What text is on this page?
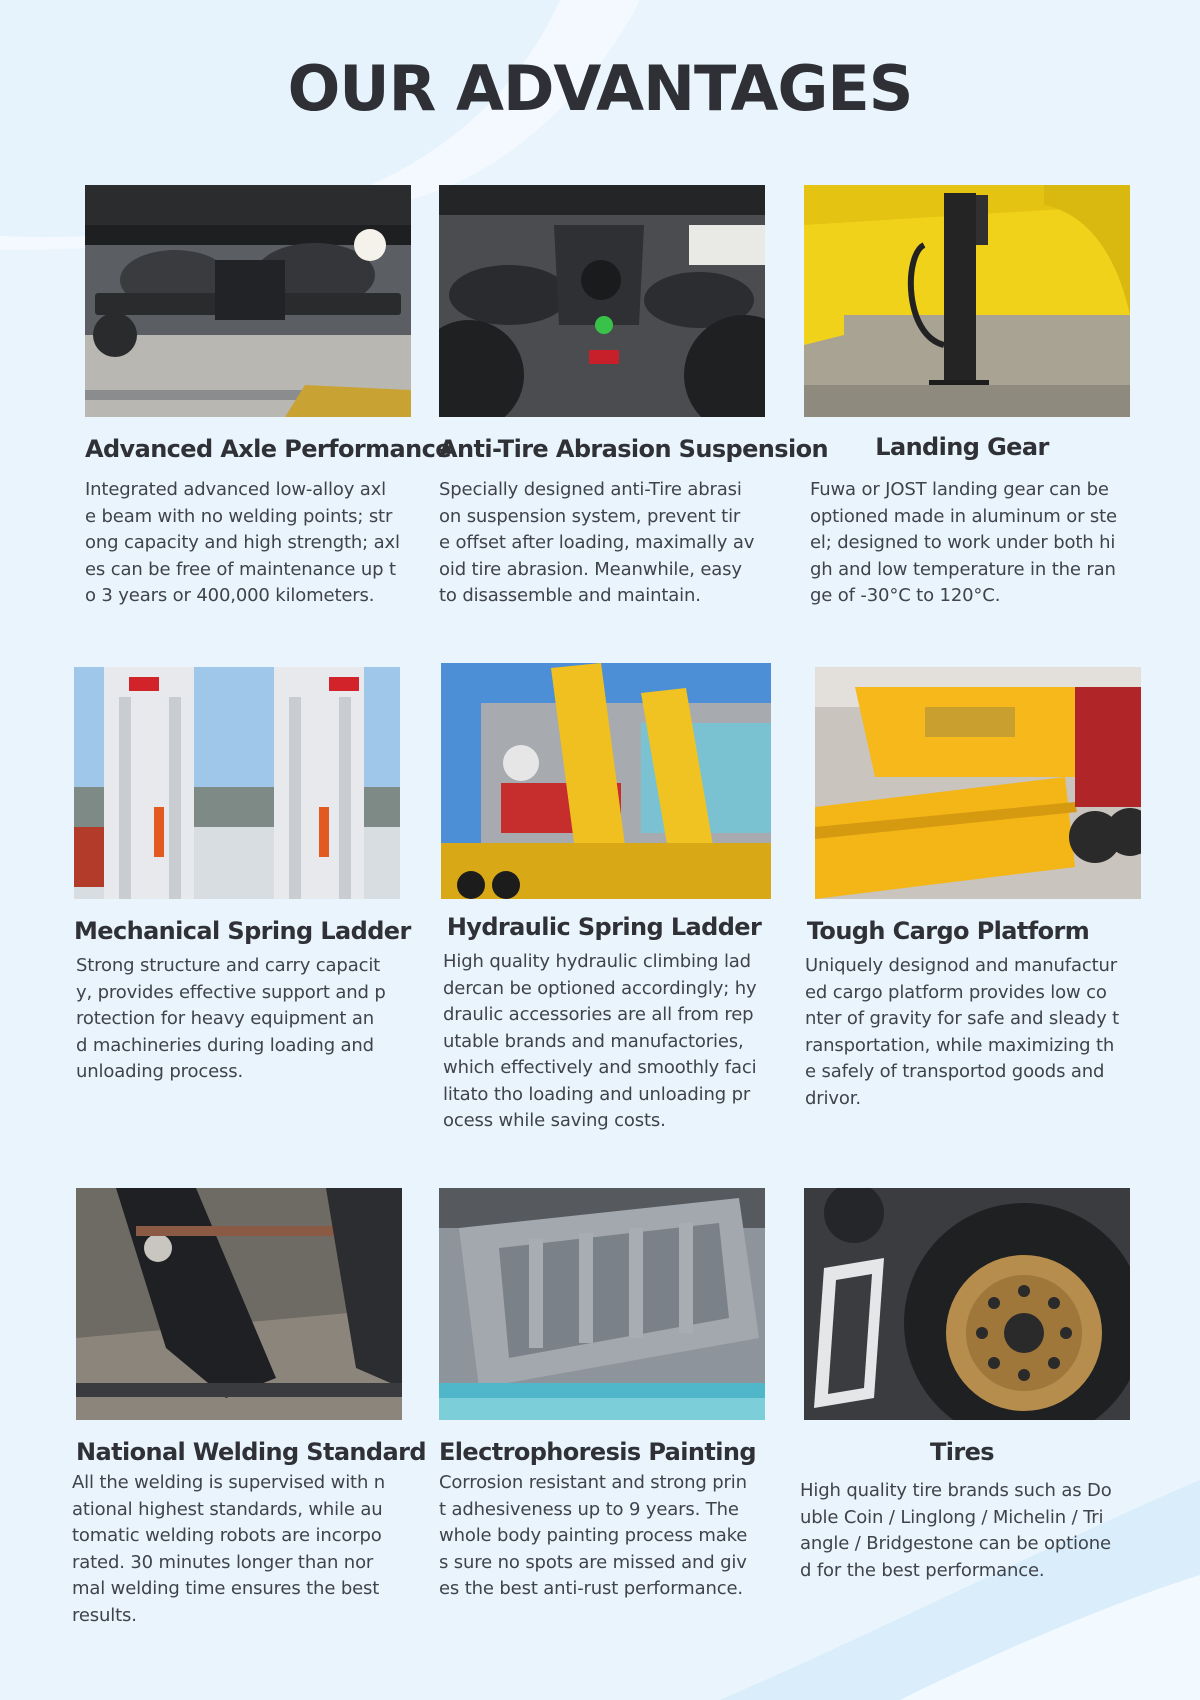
OUR ADVANTAGES
Advanced Axle Performance

Integrated advanced low-alloy axl
e beam with no welding points; str
ong capacity and high strength; axl
es can be free of maintenance up t
o 3 years or 400,000 kilometers.

Anti-Tire Abrasion Suspension

Specially designed anti-Tire abrasi
on suspension system, prevent tir
e offset after loading, maximally av
oid tire abrasion. Meanwhile, easy
to disassemble and maintain.

Landing Gear

Fuwa or JOST landing gear can be
optioned made in aluminum or ste
el; designed to work under both hi
gh and low temperature in the ran
ge of -30°C to 120°C.

Mechanical Spring Ladder

Strong structure and carry capacit
y, provides effective support and p
rotection for heavy equipment an
d machineries during loading and
unloading process.

Hydraulic Spring Ladder

High quality hydraulic climbing lad
dercan be optioned accordingly; hy
draulic accessories are all from rep
utable brands and manufactories,
which effectively and smoothly faci
litato tho loading and unloading pr
ocess while saving costs.

Tough Cargo Platform

Uniquely designod and manufactur
ed cargo platform provides low co
nter of gravity for safe and sleady t
ransportation, while maximizing th
e safely of transportod goods and
drivor.

National Welding Standard

All the welding is supervised with n
ational highest standards, while au
tomatic welding robots are incorpo
rated. 30 minutes longer than nor
mal welding time ensures the best
results.

Electrophoresis Painting

Corrosion resistant and strong prin
t adhesiveness up to 9 years. The
whole body painting process make
s sure no spots are missed and giv
es the best anti-rust performance.

Tires

High quality tire brands such as Do
uble Coin / Linglong / Michelin / Tri
angle / Bridgestone can be optione
d for the best performance.
